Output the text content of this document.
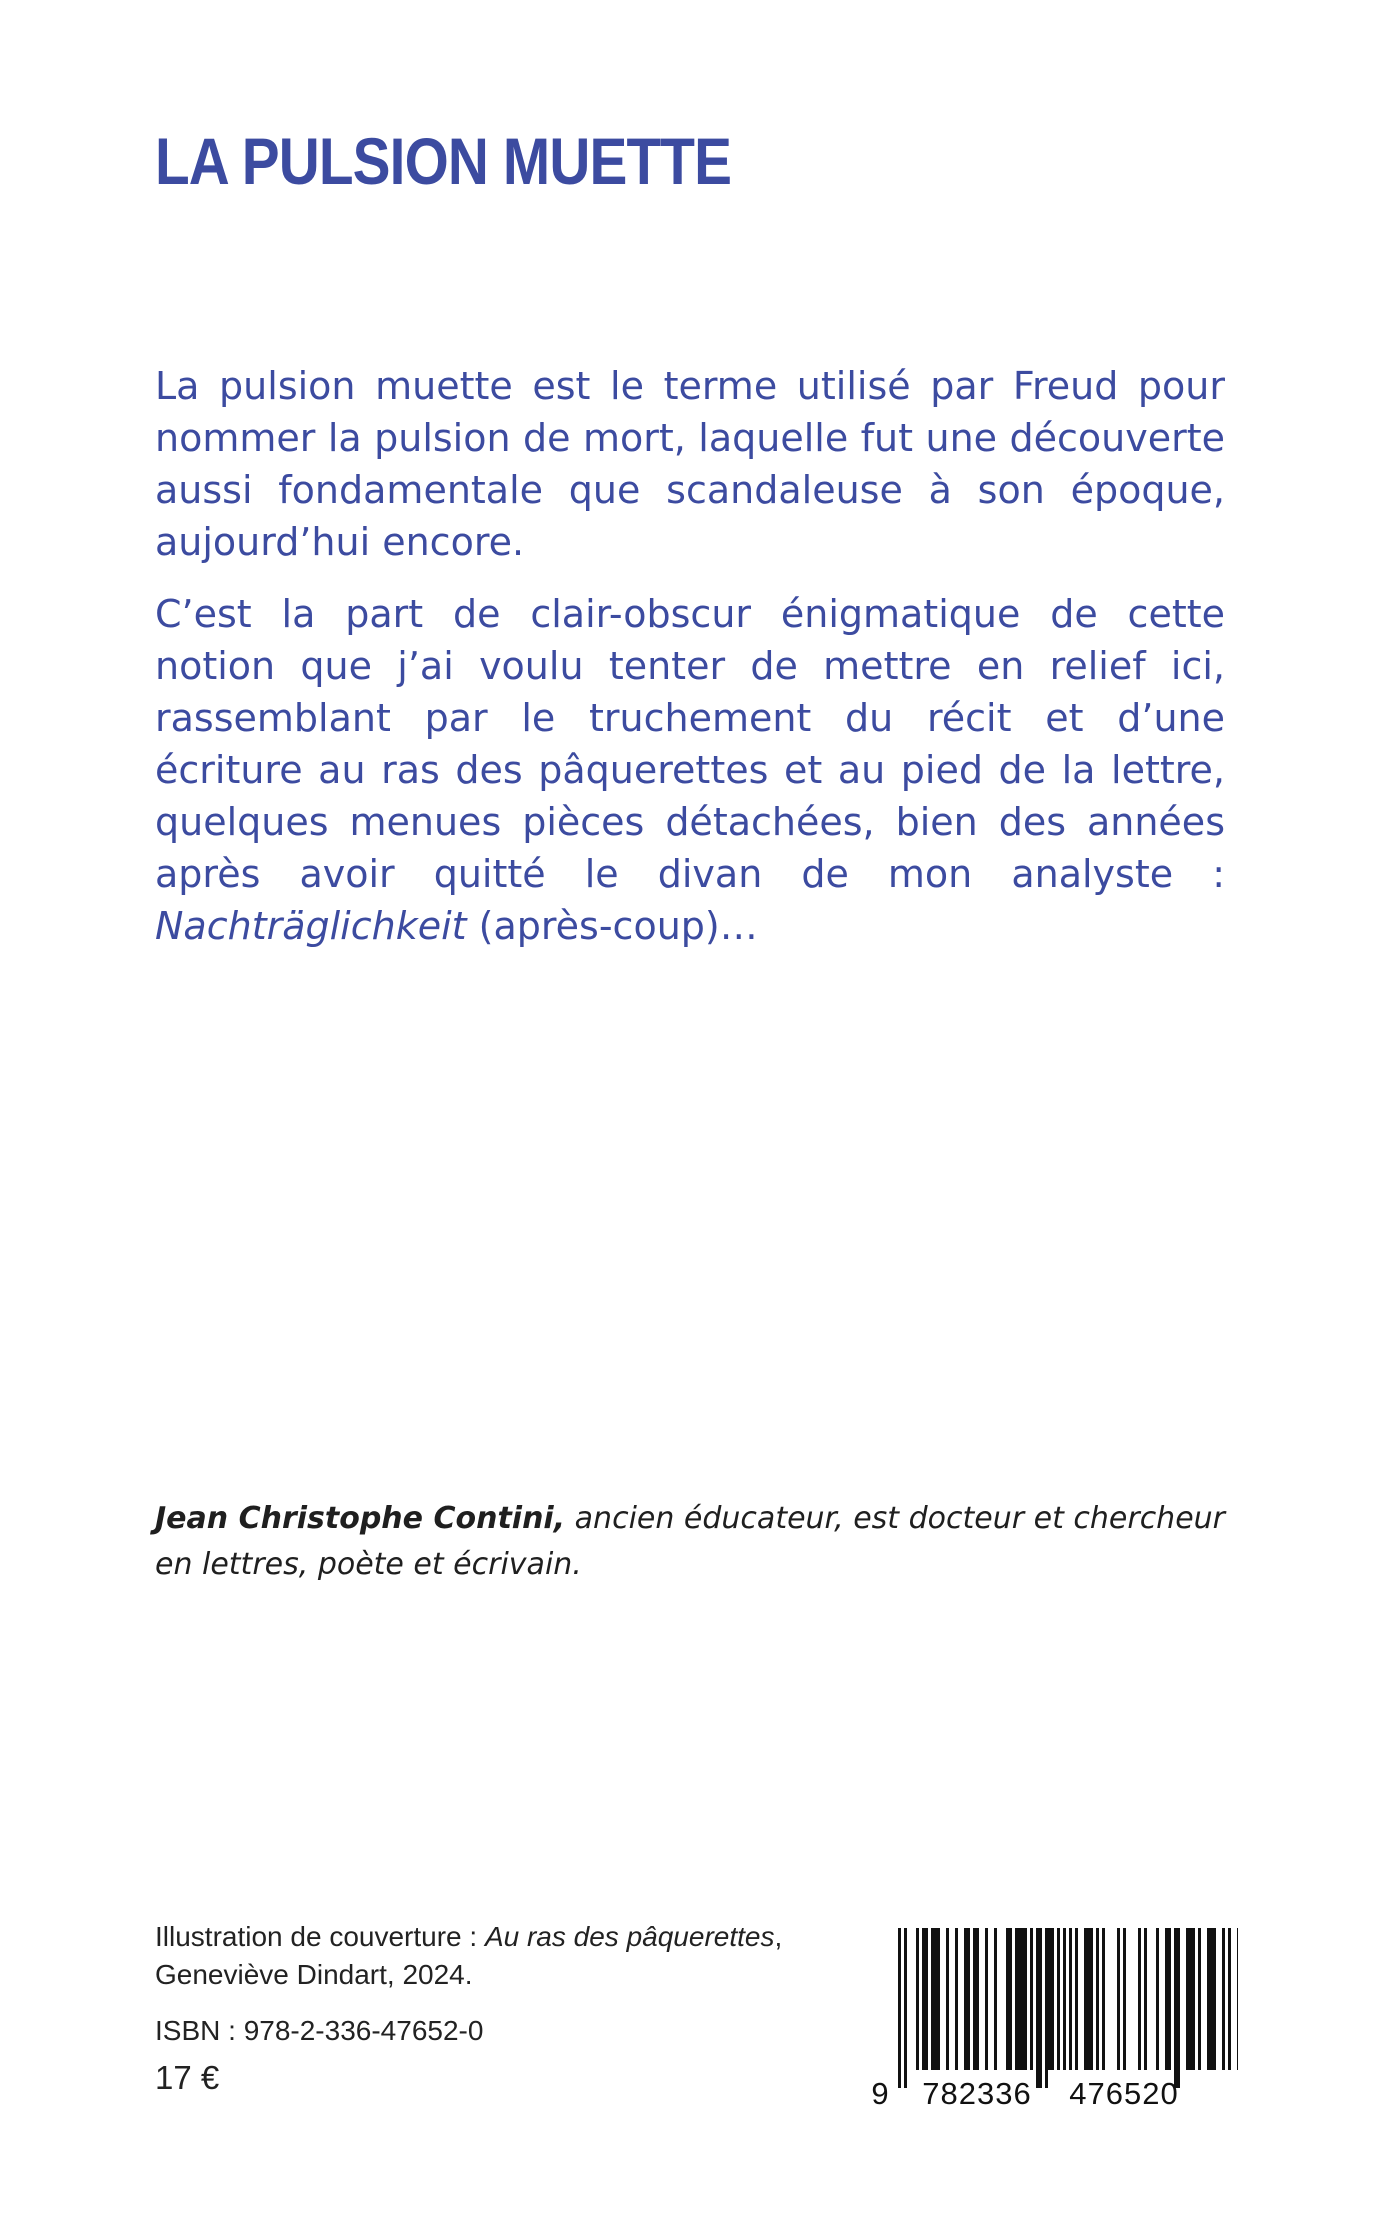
LA PULSION MUETTE

La pulsion muette est le terme utilisé par Freud pour nommer la pulsion de mort, laquelle fut une découverte aussi fondamentale que scandaleuse à son époque, aujourd’hui encore.

C’est la part de clair-obscur énigmatique de cette notion que j’ai voulu tenter de mettre en relief ici, rassemblant par le truchement du récit et d’une écriture au ras des pâquerettes et au pied de la lettre, quelques menues pièces détachées, bien des années après avoir quitté le divan de mon analyste : Nachträglichkeit (après-coup)…

Jean Christophe Contini, ancien éducateur, est docteur et chercheur en lettres, poète et écrivain.
Illustration de couverture : Au ras des pâquerettes,
Geneviève Dindart, 2024.
ISBN : 978-2-336-47652-0
17 €	9 782336 476520
